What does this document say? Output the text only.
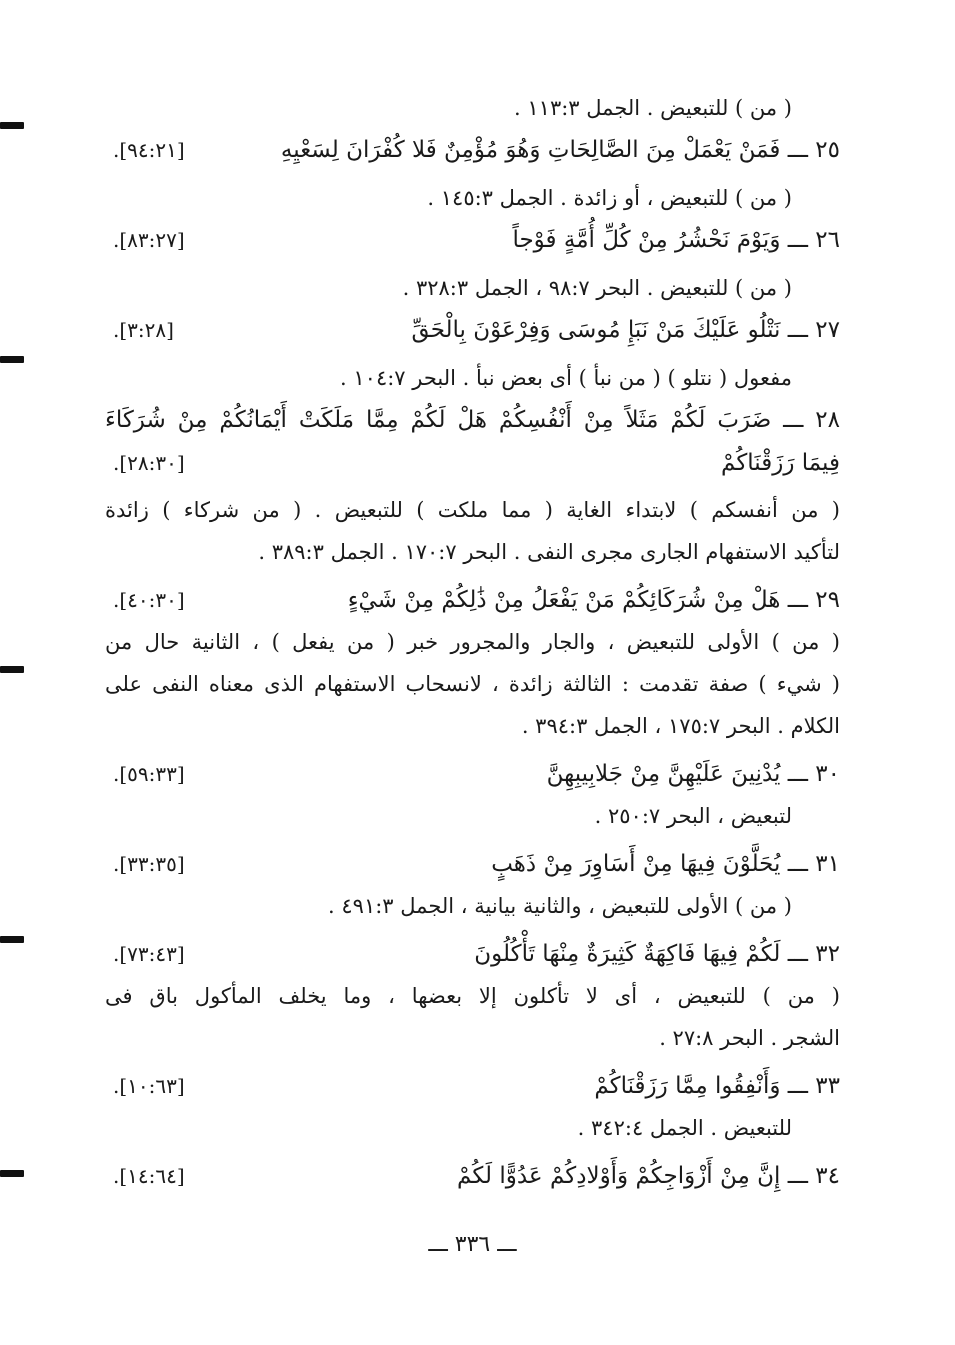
( من ) للتبعيض . الجمل ١١٣:٣ .
٢٥ ـــ فَمَنْ يَعْمَلْ مِنَ الصَّالِحَاتِ وَهُوَ مُؤْمِنٌ فَلا كُفْرَانَ لِسَعْيِهِ
.[٩٤:٢١]
( من ) للتبعيض ، أو زائدة . الجمل ١٤٥:٣ .
٢٦ ـــ وَيَوْمَ نَحْشُرُ مِنْ كُلِّ أُمَّةٍ فَوْجاً
.[٨٣:٢٧]
( من ) للتبعيض . البحر ٩٨:٧ ، الجمل ٣٢٨:٣ .
٢٧ ـــ نَتْلُو عَلَيْكَ مَنْ نَبَإِ مُوسَى وَفِرْعَوْنَ بِالْحَقِّ
.[٣:٢٨]
مفعول ( نتلو ) ( من نبأ ) أى بعض نبأ . البحر ١٠٤:٧ .
٢٨ ـــ ضَرَبَ لَكُمْ مَثَلاً مِنْ أَنْفُسِكُمْ هَلْ لَكُمْ مِمَّا مَلَكَتْ أَيْمَانُكُمْ مِنْ شُرَكَاءَ
فِيمَا رَزَقْنَاكُمْ
.[٢٨:٣٠]
( من أنفسكم ) لابتداء الغاية ( مما ملكت ) للتبعيض . ( من شركاء ) زائدة
لتأكيد الاستفهام الجارى مجرى النفى . البحر ١٧٠:٧ . الجمل ٣٨٩:٣ .
٢٩ ـــ هَلْ مِنْ شُرَكَائِكُمْ مَنْ يَفْعَلُ مِنْ ذَٰلِكُمْ مِنْ شَيْءٍ
.[٤٠:٣٠]
( من ) الأولى للتبعيض ، والجار والمجرور خبر ( من يفعل ) ، الثانية حال من
( شيء ) صفة تقدمت : الثالثة زائدة ، لانسحاب الاستفهام الذى معناه النفى على
الكلام . البحر ١٧٥:٧ ، الجمل ٣٩٤:٣ .
٣٠ ـــ يُدْنِينَ عَلَيْهِنَّ مِنْ جَلابِيبِهِنَّ
.[٥٩:٣٣]
لتبعيض ، البحر ٢٥٠:٧ .
٣١ ـــ يُحَلَّوْنَ فِيهَا مِنْ أَسَاوِرَ مِنْ ذَهَبٍ
.[٣٣:٣٥]
( من ) الأولى للتبعيض ، والثانية بيانية ، الجمل ٤٩١:٣ .
٣٢ ـــ لَكُمْ فِيهَا فَاكِهَةٌ كَثِيرَةٌ مِنْهَا تَأْكُلُونَ
.[٧٣:٤٣]
( من ) للتبعيض ، أى لا تأكلون إلا بعضها ، وما يخلف المأكول باق فى
الشجر . البحر ٢٧:٨ .
٣٣ ـــ وَأَنْفِقُوا مِمَّا رَزَقْنَاكُمْ
.[١٠:٦٣]
للتبعيض . الجمل ٣٤٢:٤ .
٣٤ ـــ إِنَّ مِنْ أَزْوَاجِكُمْ وَأَوْلادِكُمْ عَدُوًّا لَكُمْ
.[١٤:٦٤]
ـــ ٣٣٦ ـــ
